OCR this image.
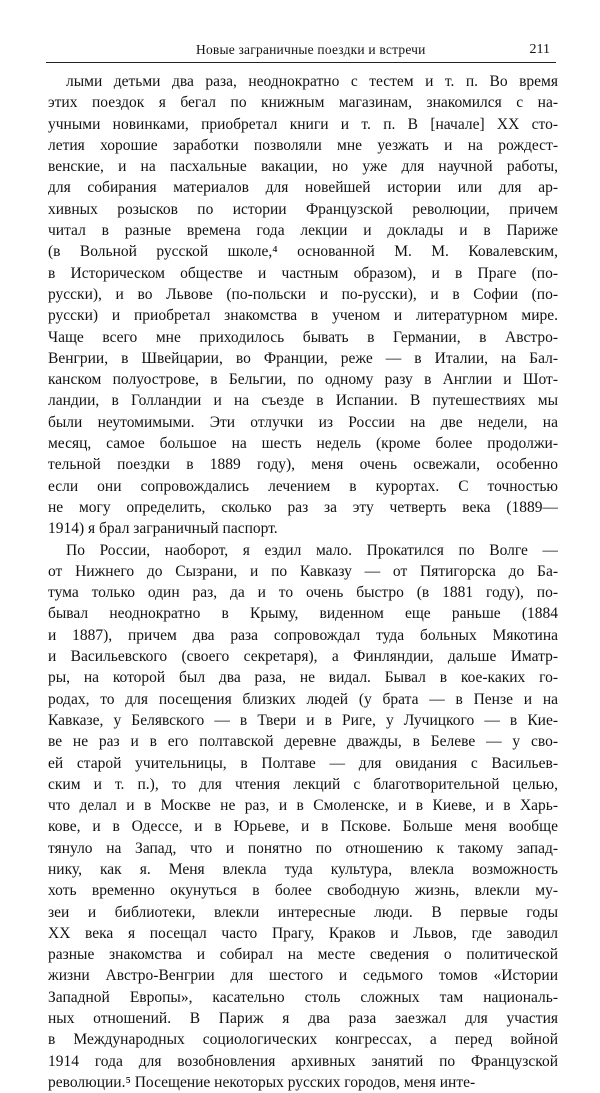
Новые заграничные поездки и встречи	211
лыми детьми два раза, неоднократно с тестем и т. п. Во время
этих поездок я бегал по книжным магазинам, знакомился с на-
учными новинками, приобретал книги и т. п. В [начале] XX сто-
летия хорошие заработки позволяли мне уезжать и на рождест-
венские, и на пасхальные вакации, но уже для научной работы,
для собирания материалов для новейшей истории или для ар-
хивных розысков по истории Французской революции, причем
читал в разные времена года лекции и доклады и в Париже
(в Вольной русской школе,⁴ основанной М. М. Ковалевским,
в Историческом обществе и частным образом), и в Праге (по-
русски), и во Львове (по-польски и по-русски), и в Софии (по-
русски) и приобретал знакомства в ученом и литературном мире.
Чаще всего мне приходилось бывать в Германии, в Австро-
Венгрии, в Швейцарии, во Франции, реже — в Италии, на Бал-
канском полуострове, в Бельгии, по одному разу в Англии и Шот-
ландии, в Голландии и на съезде в Испании. В путешествиях мы
были неутомимыми. Эти отлучки из России на две недели, на
месяц, самое большое на шесть недель (кроме более продолжи-
тельной поездки в 1889 году), меня очень освежали, особенно
если они сопровождались лечением в курортах. С точностью
не могу определить, сколько раз за эту четверть века (1889—
1914) я брал заграничный паспорт.
По России, наоборот, я ездил мало. Прокатился по Волге —
от Нижнего до Сызрани, и по Кавказу — от Пятигорска до Ба-
тума только один раз, да и то очень быстро (в 1881 году), по-
бывал неоднократно в Крыму, виденном еще раньше (1884
и 1887), причем два раза сопровождал туда больных Мякотина
и Васильевского (своего секретаря), а Финляндии, дальше Иматр-
ры, на которой был два раза, не видал. Бывал в кое-каких го-
родах, то для посещения близких людей (у брата — в Пензе и на
Кавказе, у Белявского — в Твери и в Риге, у Лучицкого — в Кие-
ве не раз и в его полтавской деревне дважды, в Белеве — у сво-
ей старой учительницы, в Полтаве — для овидания с Васильев-
ским и т. п.), то для чтения лекций с благотворительной целью,
что делал и в Москве не раз, и в Смоленске, и в Киеве, и в Харь-
кове, и в Одессе, и в Юрьеве, и в Пскове. Больше меня вообще
тянуло на Запад, что и понятно по отношению к такому запад-
нику, как я. Меня влекла туда культура, влекла возможность
хоть временно окунуться в более свободную жизнь, влекли му-
зеи и библиотеки, влекли интересные люди. В первые годы
XX века я посещал часто Прагу, Краков и Львов, где заводил
разные знакомства и собирал на месте сведения о политической
жизни Австро-Венгрии для шестого и седьмого томов «Истории
Западной Европы», касательно столь сложных там националь-
ных отношений. В Париж я два раза заезжал для участия
в Международных социологических конгрессах, а перед войной
1914 года для возобновления архивных занятий по Французской
революции.⁵ Посещение некоторых русских городов, меня инте-
